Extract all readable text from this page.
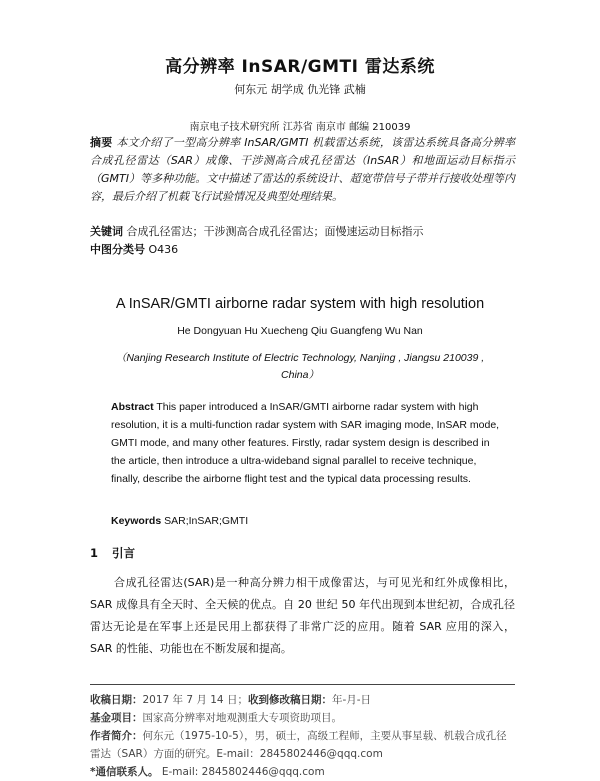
高分辨率 InSAR/GMTI 雷达系统
何东元 胡学成 仇光锋 武楠
南京电子技术研究所 江苏省 南京市 邮编 210039
摘要 本文介绍了一型高分辨率 InSAR/GMTI 机载雷达系统，该雷达系统具备高分辨率合成孔径雷达（SAR）成像、干涉测高合成孔径雷达（InSAR）和地面运动目标指示（GMTI）等多种功能。文中描述了雷达的系统设计、超宽带信号子带并行接收处理等内容，最后介绍了机载飞行试验情况及典型处理结果。
关键词 合成孔径雷达；干涉测高合成孔径雷达；面慢速运动目标指示
中图分类号 O436
A InSAR/GMTI airborne radar system with high resolution
He Dongyuan Hu Xuecheng Qiu Guangfeng Wu Nan
（Nanjing Research Institute of Electric Technology, Nanjing , Jiangsu 210039 , China）
Abstract This paper introduced a InSAR/GMTI airborne radar system with high resolution, it is a multi-function radar system with SAR imaging mode, InSAR mode, GMTI mode, and many other features. Firstly, radar system design is described in the article, then introduce a ultra-wideband signal parallel to receive technique, finally, describe the airborne flight test and the typical data processing results.
Keywords SAR;InSAR;GMTI
1 引言
合成孔径雷达(SAR)是一种高分辨力相干成像雷达，与可见光和红外成像相比，SAR 成像具有全天时、全天候的优点。自 20 世纪 50 年代出现到本世纪初，合成孔径雷达无论是在军事上还是民用上都获得了非常广泛的应用。随着 SAR 应用的深入，SAR 的性能、功能也在不断发展和提高。
收稿日期：2017 年 7 月 14 日；收到修改稿日期：年-月-日
基金项目：国家高分辨率对地观测重大专项资助项目。
作者简介：何东元（1975-10-5），男，硕士，高级工程师，主要从事星载、机载合成孔径雷达（SAR）方面的研究。E-mail：2845802446@qqq.com
*通信联系人。 E-mail: 2845802446@qqq.com
